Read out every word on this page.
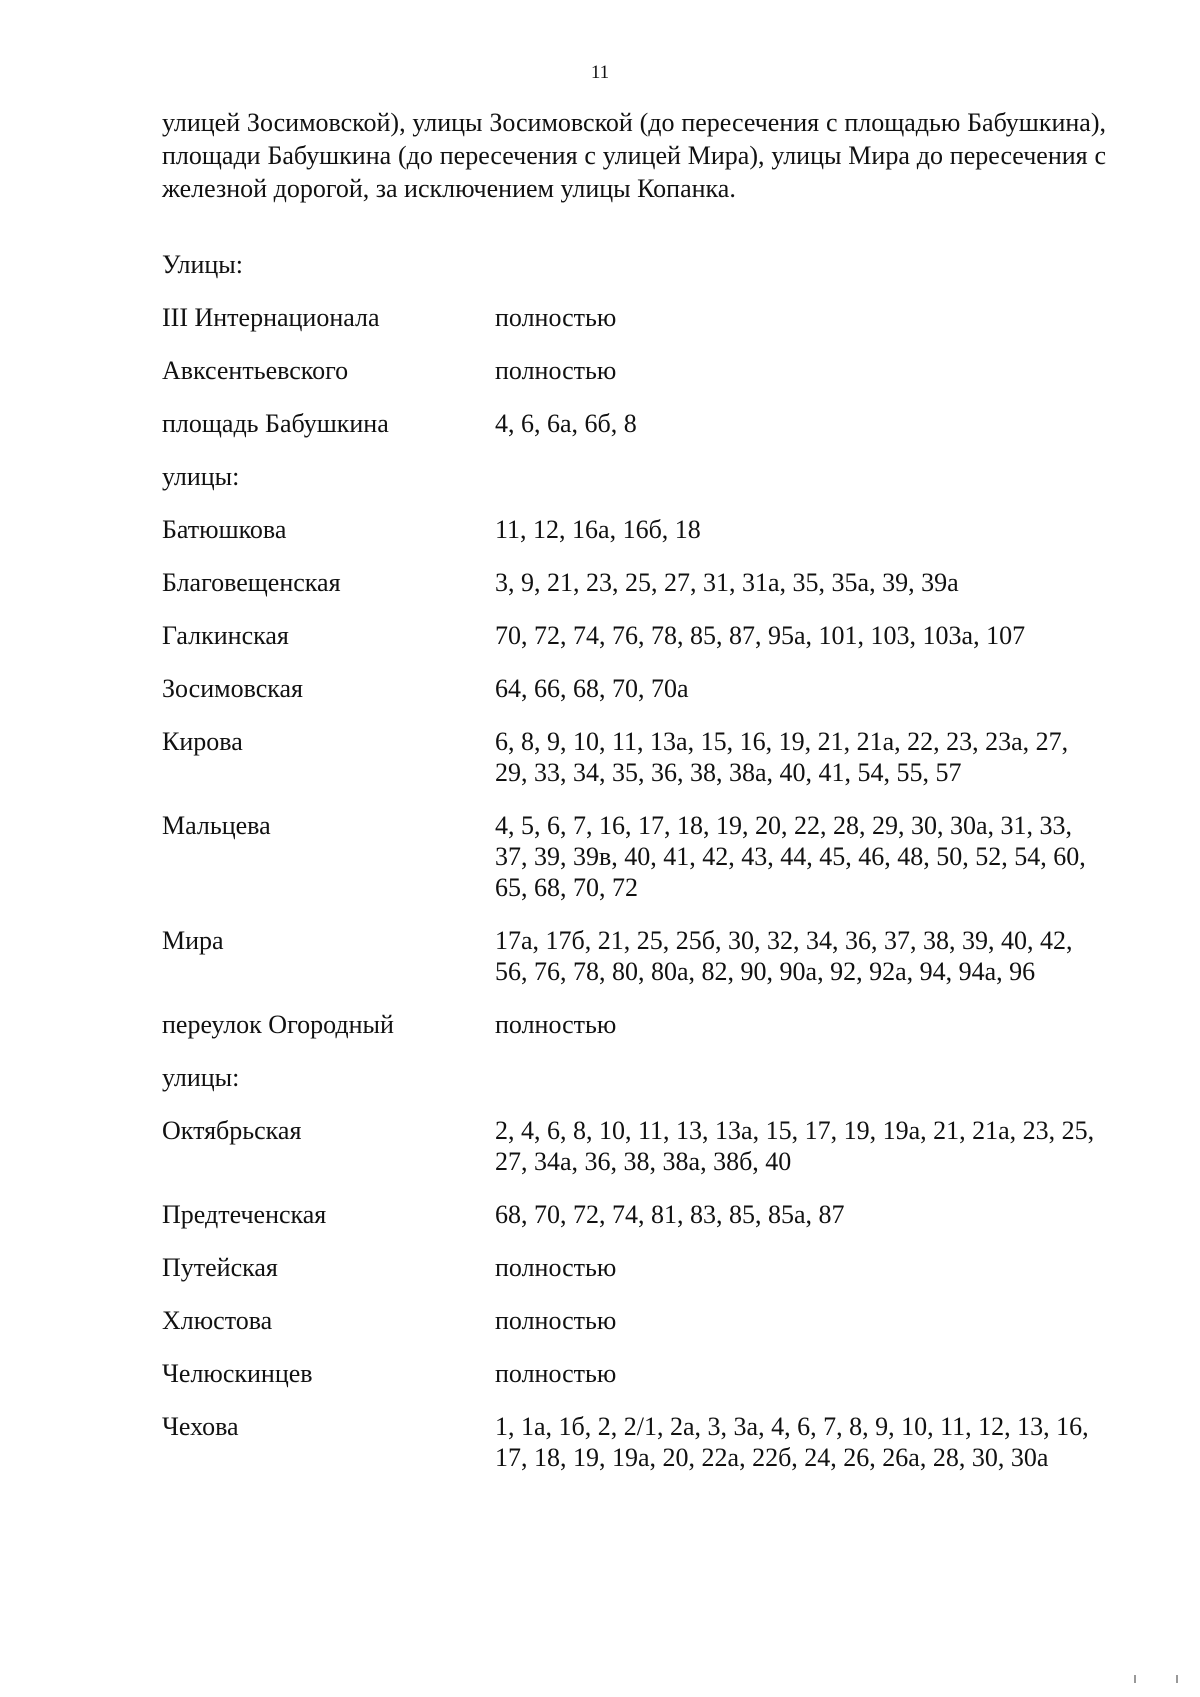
11

улицей Зосимовской), улицы Зосимовской (до пересечения с площадью Бабушкина), площади Бабушкина (до пересечения с улицей Мира), улицы Мира до пересечения с железной дорогой, за исключением улицы Копанка.

Улицы:
III Интернационала	полностью
Авксентьевского	полностью
площадь Бабушкина	4, 6, 6а, 6б, 8
улицы:
Батюшкова	11, 12, 16а, 16б, 18
Благовещенская	3, 9, 21, 23, 25, 27, 31, 31а, 35, 35а, 39, 39а
Галкинская	70, 72, 74, 76, 78, 85, 87, 95а, 101, 103, 103а, 107
Зосимовская	64, 66, 68, 70, 70а
Кирова	6, 8, 9, 10, 11, 13а, 15, 16, 19, 21, 21а, 22, 23, 23а, 27, 29, 33, 34, 35, 36, 38, 38а, 40, 41, 54, 55, 57
Мальцева	4, 5, 6, 7, 16, 17, 18, 19, 20, 22, 28, 29, 30, 30а, 31, 33, 37, 39, 39в, 40, 41, 42, 43, 44, 45, 46, 48, 50, 52, 54, 60, 65, 68, 70, 72
Мира	17а, 17б, 21, 25, 25б, 30, 32, 34, 36, 37, 38, 39, 40, 42, 56, 76, 78, 80, 80а, 82, 90, 90а, 92, 92а, 94, 94а, 96
переулок Огородный	полностью
улицы:
Октябрьская	2, 4, 6, 8, 10, 11, 13, 13а, 15, 17, 19, 19а, 21, 21а, 23, 25, 27, 34а, 36, 38, 38а, 38б, 40
Предтеченская	68, 70, 72, 74, 81, 83, 85, 85а, 87
Путейская	полностью
Хлюстова	полностью
Челюскинцев	полностью
Чехова	1, 1а, 1б, 2, 2/1, 2а, 3, 3а, 4, 6, 7, 8, 9, 10, 11, 12, 13, 16, 17, 18, 19, 19а, 20, 22а, 22б, 24, 26, 26а, 28, 30, 30а
